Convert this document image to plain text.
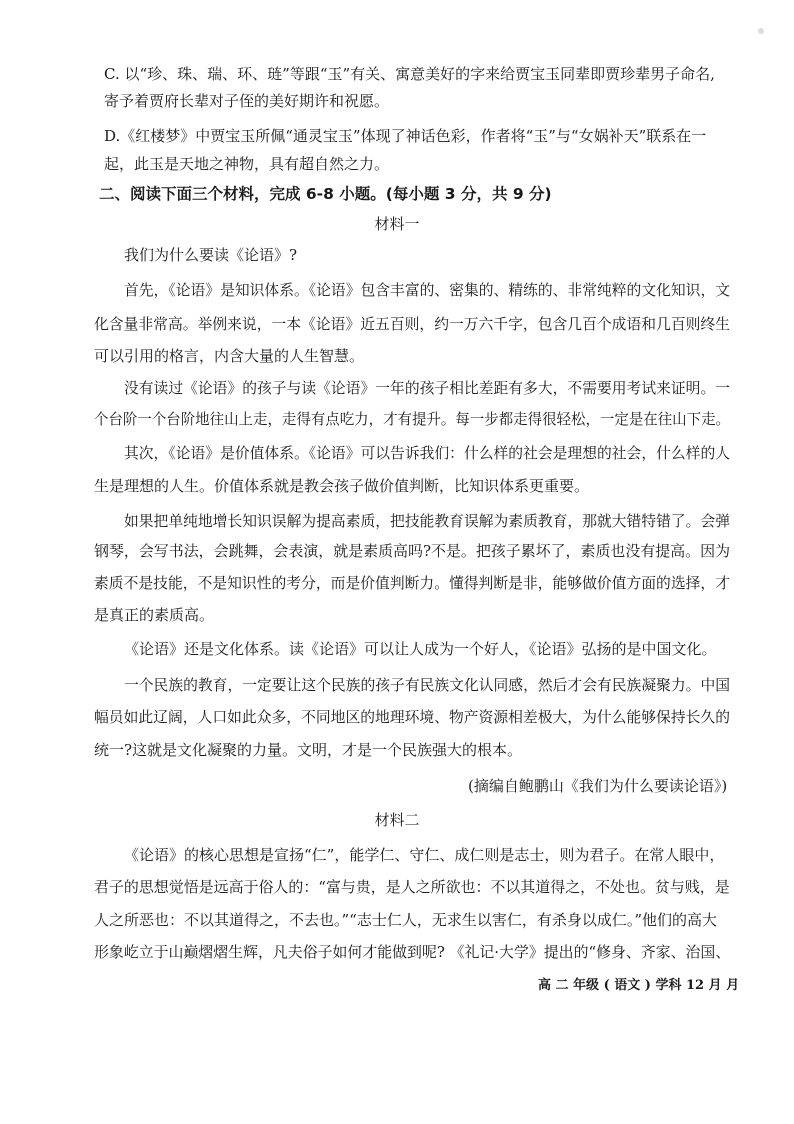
C. 以“珍、珠、瑞、环、琏”等跟“玉”有关、寓意美好的字来给贾宝玉同辈即贾珍辈男子命名,
寄予着贾府长辈对子侄的美好期许和祝愿。
D.《红楼梦》中贾宝玉所佩“通灵宝玉”体现了神话色彩，作者将“玉”与“女娲补天”联系在一
起，此玉是天地之神物，具有超自然之力。
二、阅读下面三个材料，完成 6-8 小题。(每小题 3 分，共 9 分)
材料一
我们为什么要读《论语》?
首先，《论语》是知识体系。《论语》包含丰富的、密集的、精练的、非常纯粹的文化知识，文
化含量非常高。举例来说，一本《论语》近五百则，约一万六千字，包含几百个成语和几百则终生
可以引用的格言，内含大量的人生智慧。
没有读过《论语》的孩子与读《论语》一年的孩子相比差距有多大，不需要用考试来证明。一
个台阶一个台阶地往山上走，走得有点吃力，才有提升。每一步都走得很轻松，一定是在往山下走。
其次，《论语》是价值体系。《论语》可以告诉我们：什么样的社会是理想的社会，什么样的人
生是理想的人生。价值体系就是教会孩子做价值判断，比知识体系更重要。
如果把单纯地增长知识误解为提高素质，把技能教育误解为素质教育，那就大错特错了。会弹
钢琴，会写书法，会跳舞，会表演，就是素质高吗?不是。把孩子累坏了，素质也没有提高。因为
素质不是技能，不是知识性的考分，而是价值判断力。懂得判断是非，能够做价值方面的选择，才
是真正的素质高。
《论语》还是文化体系。读《论语》可以让人成为一个好人，《论语》弘扬的是中国文化。
一个民族的教育，一定要让这个民族的孩子有民族文化认同感，然后才会有民族凝聚力。中国
幅员如此辽阔，人口如此众多，不同地区的地理环境、物产资源相差极大，为什么能够保持长久的
统一?这就是文化凝聚的力量。文明，才是一个民族强大的根本。
(摘编自鲍鹏山《我们为什么要读论语》)
材料二
《论语》的核心思想是宣扬“仁”，能学仁、守仁、成仁则是志士，则为君子。在常人眼中，
君子的思想觉悟是远高于俗人的：“富与贵，是人之所欲也：不以其道得之，不处也。贫与贱，是
人之所恶也：不以其道得之，不去也。”“志士仁人，无求生以害仁，有杀身以成仁。”他们的高大
形象屹立于山巅熠熠生辉，凡夫俗子如何才能做到呢? 《礼记·大学》提出的“修身、齐家、治国、
高 二 年级 ( 语文 ) 学科 12 月 月
